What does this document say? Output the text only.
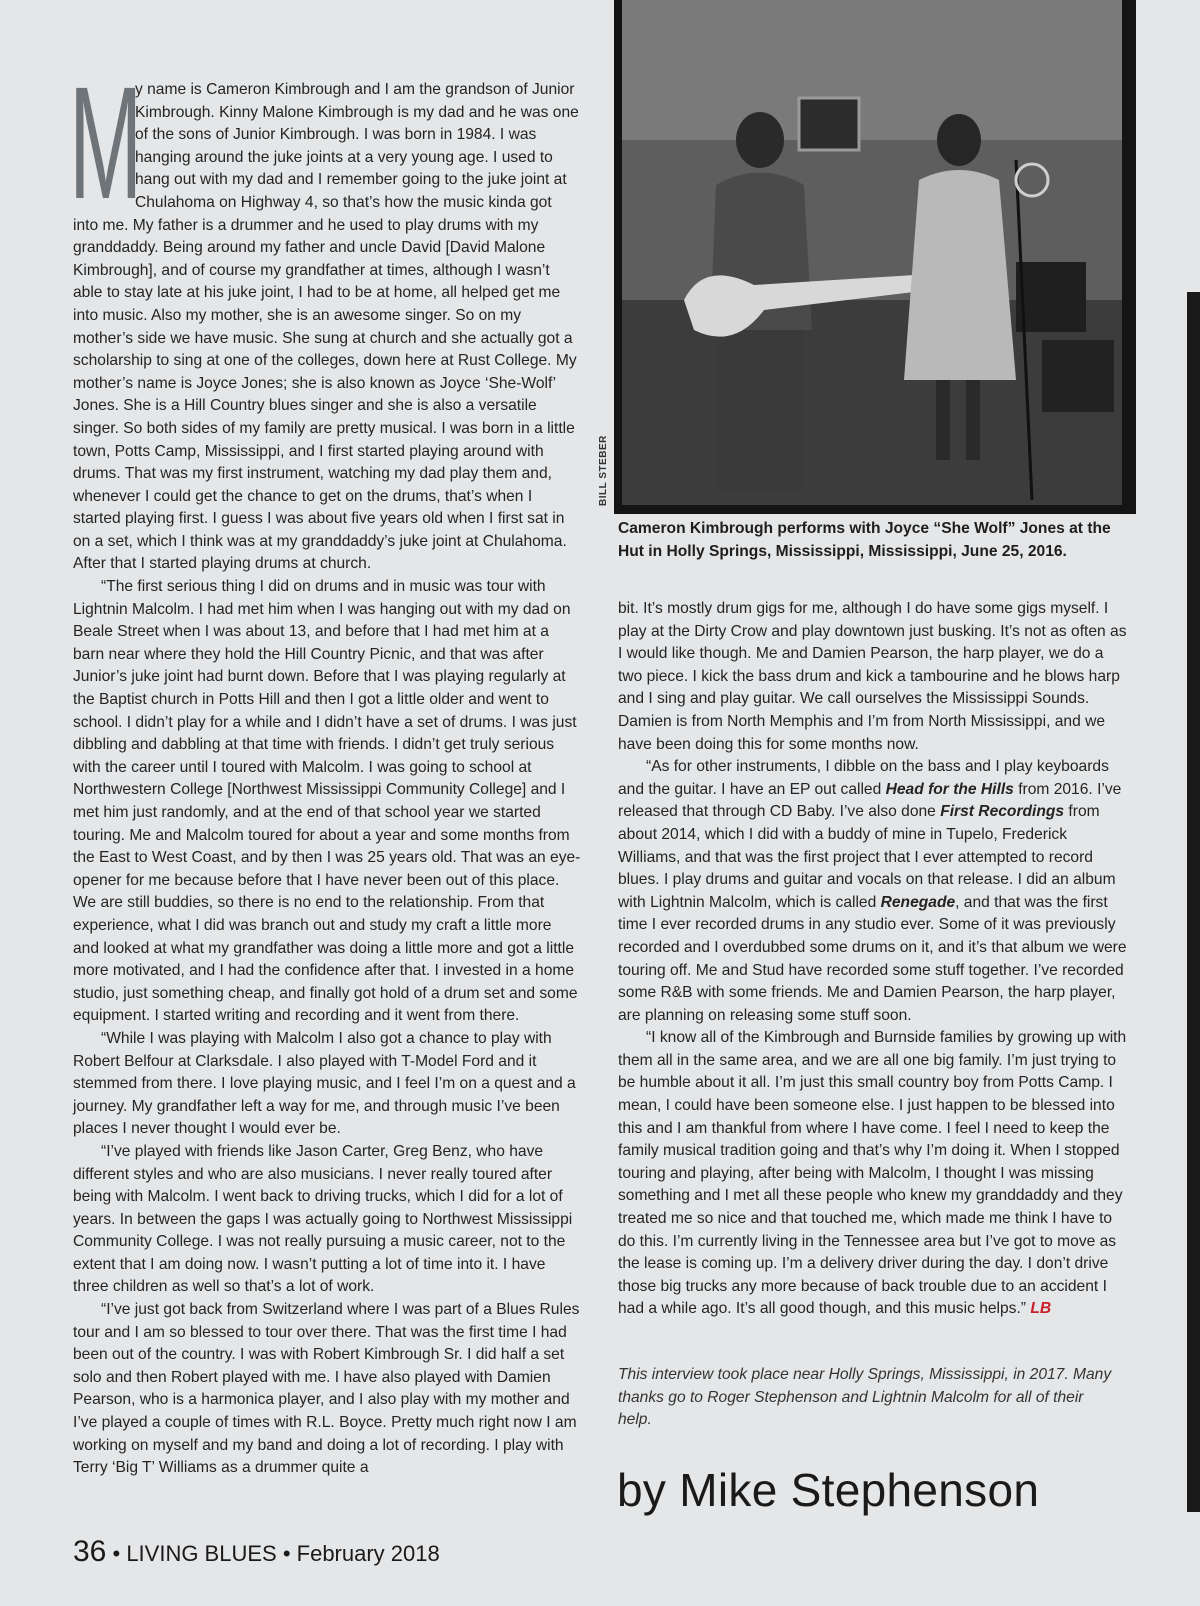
BILL STEBER
Cameron Kimbrough performs with Joyce “She Wolf” Jones at the Hut in Holly Springs, Mississippi, Mississippi, June 25, 2016.

M
y name is Cameron Kimbrough and I am the grandson of Junior Kimbrough. Kinny Malone Kimbrough is my dad and he was one of the sons of Junior Kimbrough. I was born in 1984. I was hanging around the juke joints at a very young age. I used to hang out with my dad and I remember going to the juke joint at Chulahoma on Highway 4, so that’s how the music kinda got into me. My father is a drummer and he used to play drums with my granddaddy. Being around my father and uncle David [David Malone Kimbrough], and of course my grandfather at times, although I wasn’t able to stay late at his juke joint, I had to be at home, all helped get me into music. Also my mother, she is an awesome singer. So on my mother’s side we have music. She sung at church and she actually got a scholarship to sing at one of the colleges, down here at Rust College. My mother’s name is Joyce Jones; she is also known as Joyce ‘She-Wolf’ Jones. She is a Hill Country blues singer and she is also a versatile singer. So both sides of my family are pretty musical. I was born in a little town, Potts Camp, Mississippi, and I first started playing around with drums. That was my first instrument, watching my dad play them and, whenever I could get the chance to get on the drums, that’s when I started playing first. I guess I was about five years old when I first sat in on a set, which I think was at my granddaddy’s juke joint at Chulahoma. After that I started playing drums at church.

“The first serious thing I did on drums and in music was tour with Lightnin Malcolm. I had met him when I was hanging out with my dad on Beale Street when I was about 13, and before that I had met him at a barn near where they hold the Hill Country Picnic, and that was after Junior’s juke joint had burnt down. Before that I was playing regularly at the Baptist church in Potts Hill and then I got a little older and went to school. I didn’t play for a while and I didn’t have a set of drums. I was just dibbling and dabbling at that time with friends. I didn’t get truly serious with the career until I toured with Malcolm. I was going to school at Northwestern College [Northwest Mississippi Community College] and I met him just randomly, and at the end of that school year we started touring. Me and Malcolm toured for about a year and some months from the East to West Coast, and by then I was 25 years old. That was an eye-opener for me because before that I have never been out of this place. We are still buddies, so there is no end to the relationship. From that experience, what I did was branch out and study my craft a little more and looked at what my grandfather was doing a little more and got a little more motivated, and I had the confidence after that. I invested in a home studio, just something cheap, and finally got hold of a drum set and some equipment. I started writing and recording and it went from there.

“While I was playing with Malcolm I also got a chance to play with Robert Belfour at Clarksdale. I also played with T-Model Ford and it stemmed from there. I love playing music, and I feel I’m on a quest and a journey. My grandfather left a way for me, and through music I’ve been places I never thought I would ever be.

“I’ve played with friends like Jason Carter, Greg Benz, who have different styles and who are also musicians. I never really toured after being with Malcolm. I went back to driving trucks, which I did for a lot of years. In between the gaps I was actually going to Northwest Mississippi Community College. I was not really pursuing a music career, not to the extent that I am doing now. I wasn’t putting a lot of time into it. I have three children as well so that’s a lot of work.

“I’ve just got back from Switzerland where I was part of a Blues Rules tour and I am so blessed to tour over there. That was the first time I had been out of the country. I was with Robert Kimbrough Sr. I did half a set solo and then Robert played with me. I have also played with Damien Pearson, who is a harmonica player, and I also play with my mother and I’ve played a couple of times with R.L. Boyce. Pretty much right now I am working on myself and my band and doing a lot of recording. I play with Terry ‘Big T’ Williams as a drummer quite a

bit. It’s mostly drum gigs for me, although I do have some gigs myself. I play at the Dirty Crow and play downtown just busking. It’s not as often as I would like though. Me and Damien Pearson, the harp player, we do a two piece. I kick the bass drum and kick a tambourine and he blows harp and I sing and play guitar. We call ourselves the Mississippi Sounds. Damien is from North Memphis and I’m from North Mississippi, and we have been doing this for some months now.

“As for other instruments, I dibble on the bass and I play keyboards and the guitar. I have an EP out called Head for the Hills from 2016. I’ve released that through CD Baby. I’ve also done First Recordings from about 2014, which I did with a buddy of mine in Tupelo, Frederick Williams, and that was the first project that I ever attempted to record blues. I play drums and guitar and vocals on that release. I did an album with Lightnin Malcolm, which is called Renegade, and that was the first time I ever recorded drums in any studio ever. Some of it was previously recorded and I overdubbed some drums on it, and it’s that album we were touring off. Me and Stud have recorded some stuff together. I’ve recorded some R&B with some friends. Me and Damien Pearson, the harp player, are planning on releasing some stuff soon.

“I know all of the Kimbrough and Burnside families by growing up with them all in the same area, and we are all one big family. I’m just trying to be humble about it all. I’m just this small country boy from Potts Camp. I mean, I could have been someone else. I just happen to be blessed into this and I am thankful from where I have come. I feel I need to keep the family musical tradition going and that’s why I’m doing it. When I stopped touring and playing, after being with Malcolm, I thought I was missing something and I met all these people who knew my granddaddy and they treated me so nice and that touched me, which made me think I have to do this. I’m currently living in the Tennessee area but I’ve got to move as the lease is coming up. I’m a delivery driver during the day. I don’t drive those big trucks any more because of back trouble due to an accident I had a while ago. It’s all good though, and this music helps.” LB

This interview took place near Holly Springs, Mississippi, in 2017. Many thanks go to Roger Stephenson and Lightnin Malcolm for all of their help.
by Mike Stephenson
36 • LIVING BLUES • February 2018
